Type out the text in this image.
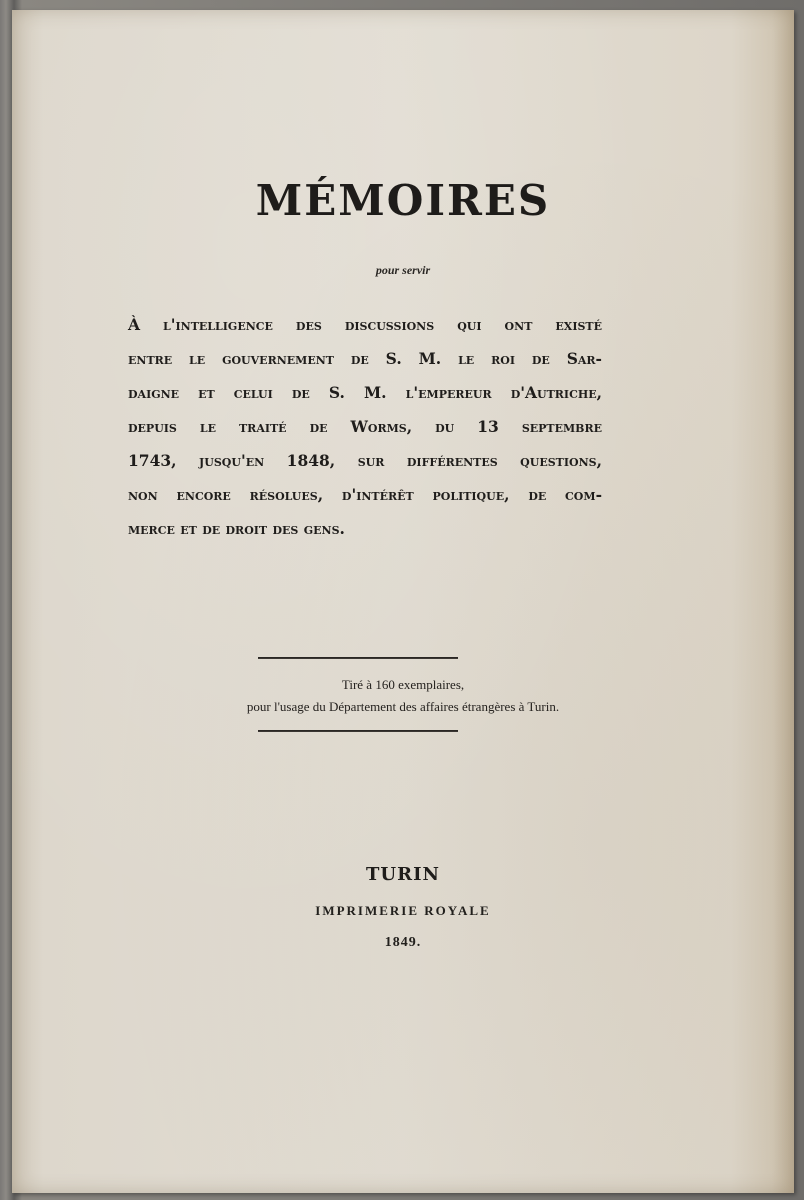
MÉMOIRES
pour servir
À l'intelligence des discussions qui ont existé
entre le gouvernement de S. M. le roi de Sar-
daigne et celui de S. M. l'empereur d'Autriche,
depuis le traité de Worms, du 13 septembre
1743, jusqu'en 1848, sur différentes questions,
non encore résolues, d'intérêt politique, de com-
merce et de droit des gens.
Tiré à 160 exemplaires,
pour l'usage du Département des affaires étrangères à Turin.
TURIN
IMPRIMERIE ROYALE
1849.
